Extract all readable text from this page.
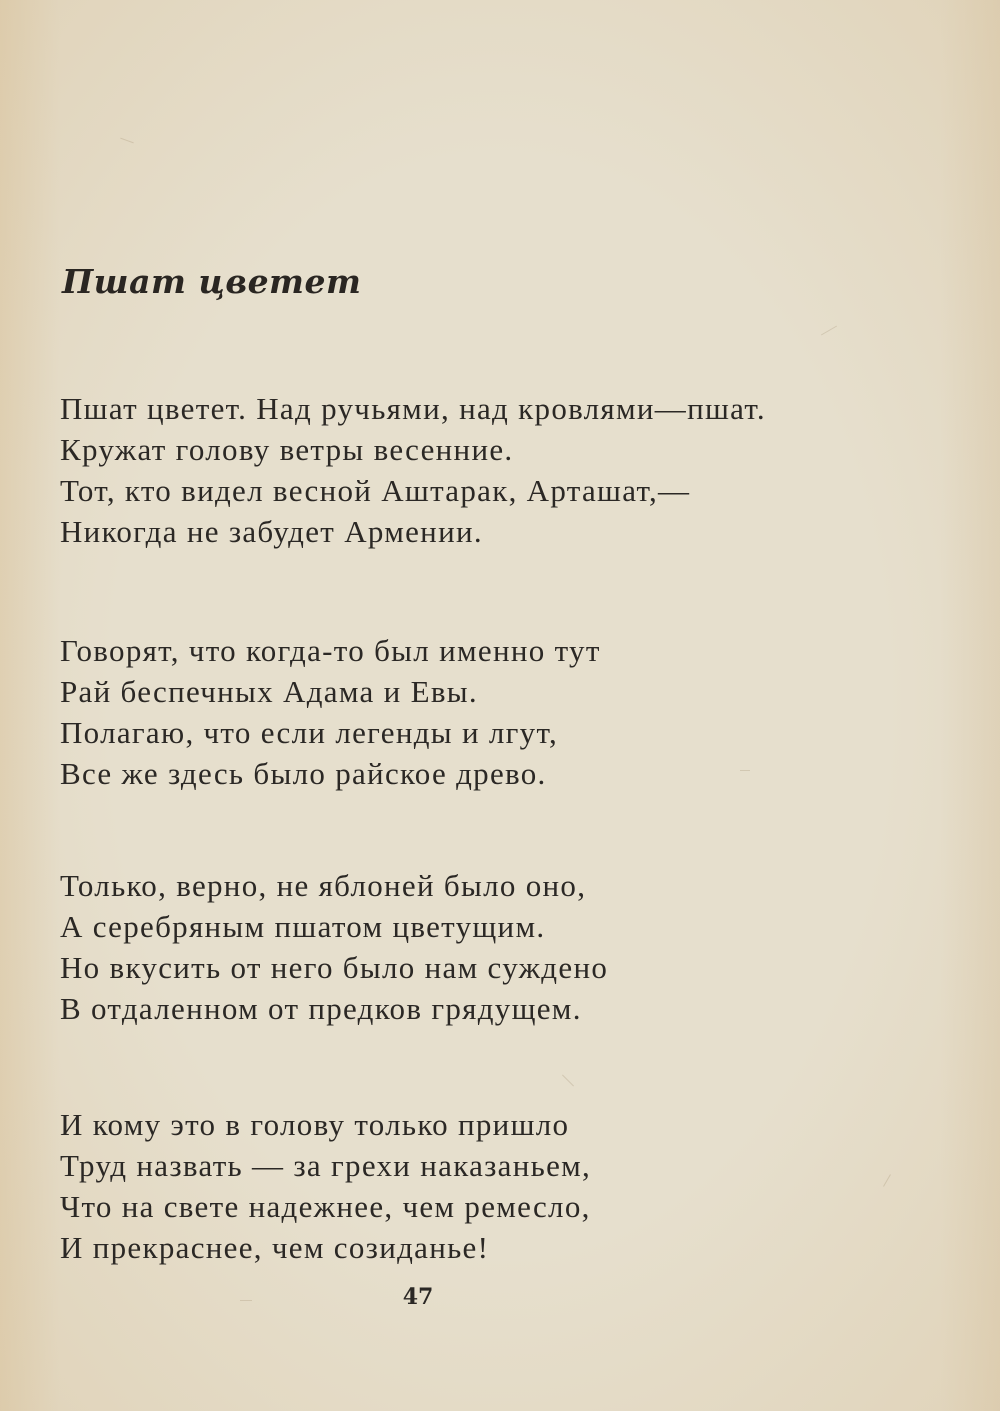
Пшат цветет
Пшат цветет. Над ручьями, над кровлями—пшат.
Кружат голову ветры весенние.
Тот, кто видел весной Аштарак, Арташат,—
Никогда не забудет Армении.
Говорят, что когда-то был именно тут
Рай беспечных Адама и Евы.
Полагаю, что если легенды и лгут,
Все же здесь было райское древо.
Только, верно, не яблоней было оно,
А серебряным пшатом цветущим.
Но вкусить от него было нам суждено
В отдаленном от предков грядущем.
И кому это в голову только пришло
Труд назвать — за грехи наказаньем,
Что на свете надежнее, чем ремесло,
И прекраснее, чем созиданье!
47
